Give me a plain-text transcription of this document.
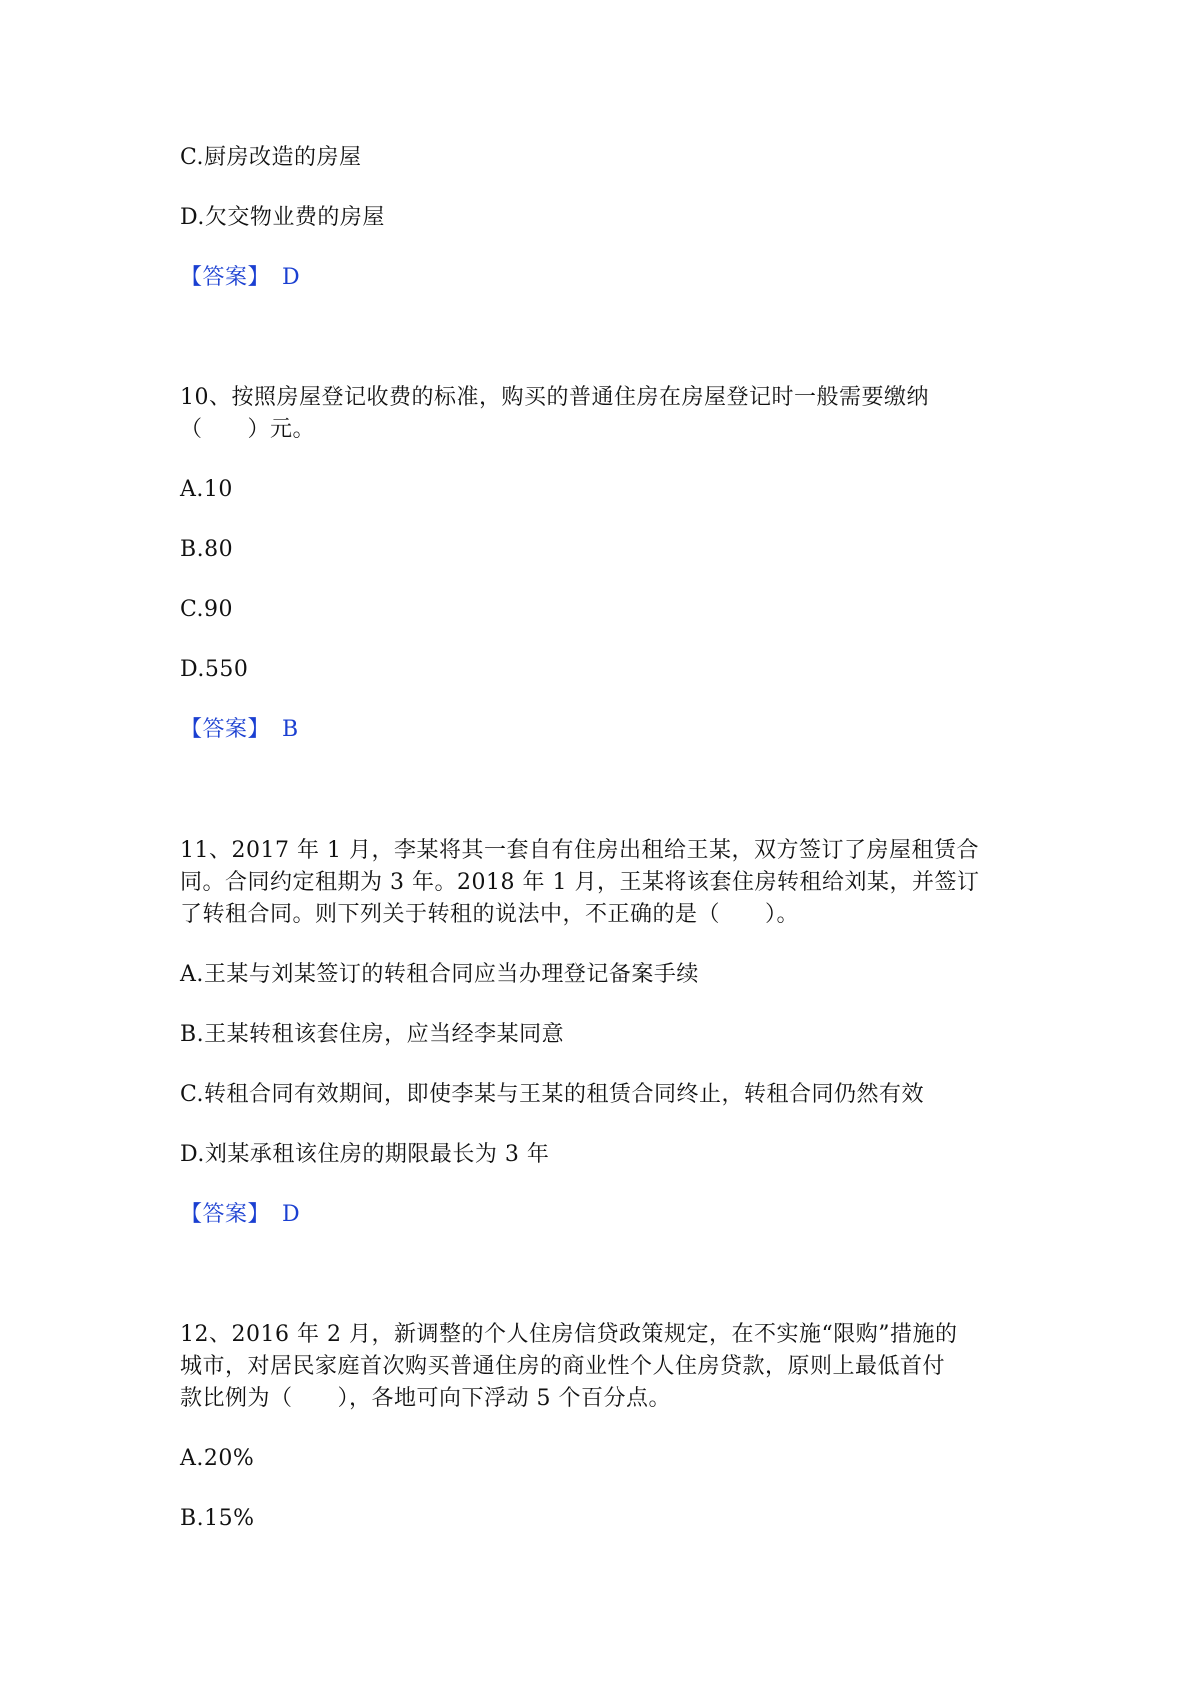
C.厨房改造的房屋
D.欠交物业费的房屋
【答案】 D
10、按照房屋登记收费的标准，购买的普通住房在房屋登记时一般需要缴纳
（　　）元。
A.10
B.80
C.90
D.550
【答案】 B
11、2017 年 1 月，李某将其一套自有住房出租给王某，双方签订了房屋租赁合
同。合同约定租期为 3 年。2018 年 1 月，王某将该套住房转租给刘某，并签订
了转租合同。则下列关于转租的说法中，不正确的是（　　）。
A.王某与刘某签订的转租合同应当办理登记备案手续
B.王某转租该套住房，应当经李某同意
C.转租合同有效期间，即使李某与王某的租赁合同终止，转租合同仍然有效
D.刘某承租该住房的期限最长为 3 年
【答案】 D
12、2016 年 2 月，新调整的个人住房信贷政策规定，在不实施“限购”措施的
城市，对居民家庭首次购买普通住房的商业性个人住房贷款，原则上最低首付
款比例为（　　），各地可向下浮动 5 个百分点。
A.20%
B.15%
